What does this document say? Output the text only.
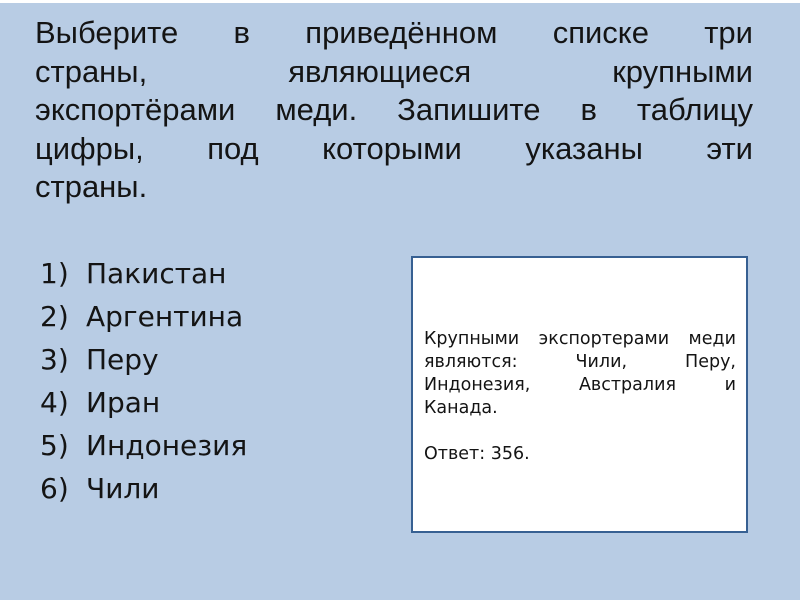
Выберите в приведённом списке три
страны, являющиеся крупными
экспортёрами меди. Запишите в таблицу
цифры, под которыми указаны эти
страны.
1) Пакистан
2) Аргентина
3) Перу
4) Иран
5) Индонезия
6) Чили
Крупными экспортерами меди
являются: Чили, Перу,
Индонезия, Австралия и
Канада.
Ответ: 356.
